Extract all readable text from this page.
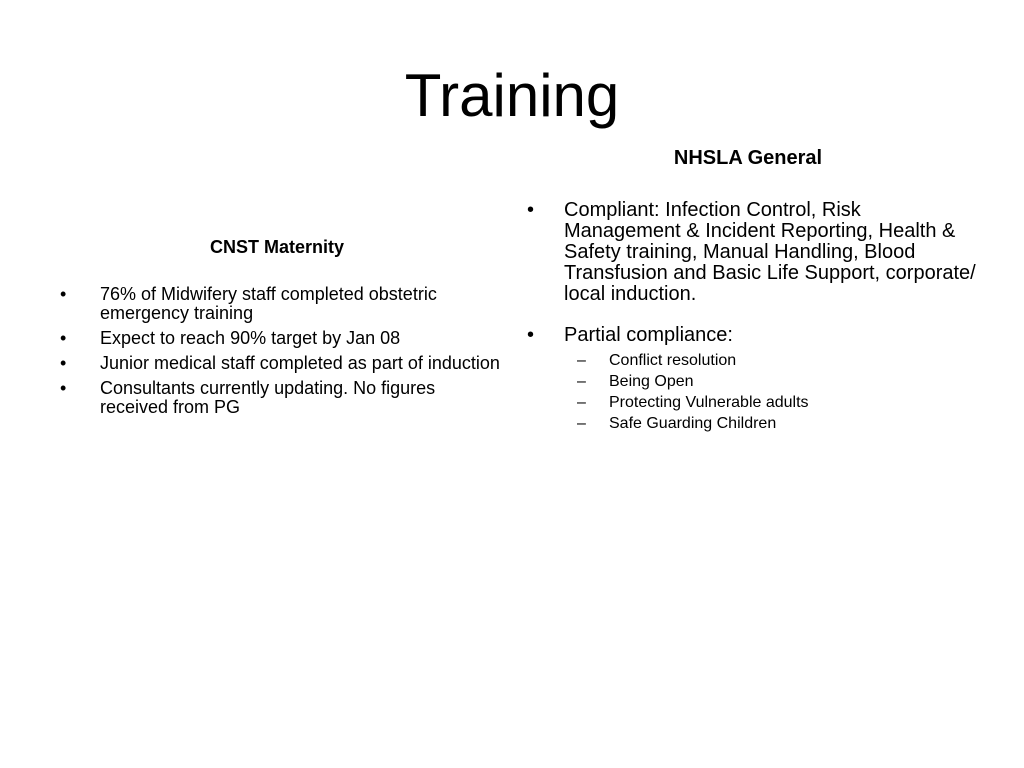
Training

CNST Maternity

• 76% of Midwifery staff completed obstetric emergency training
• Expect to reach 90% target by Jan 08
• Junior medical staff completed as part of induction
• Consultants currently updating. No figures received from PG

NHSLA General

• Compliant: Infection Control, Risk Management & Incident Reporting, Health & Safety training, Manual Handling, Blood Transfusion and Basic Life Support, corporate/ local induction.
• Partial compliance:
– Conflict resolution
– Being Open
– Protecting Vulnerable adults
– Safe Guarding Children
